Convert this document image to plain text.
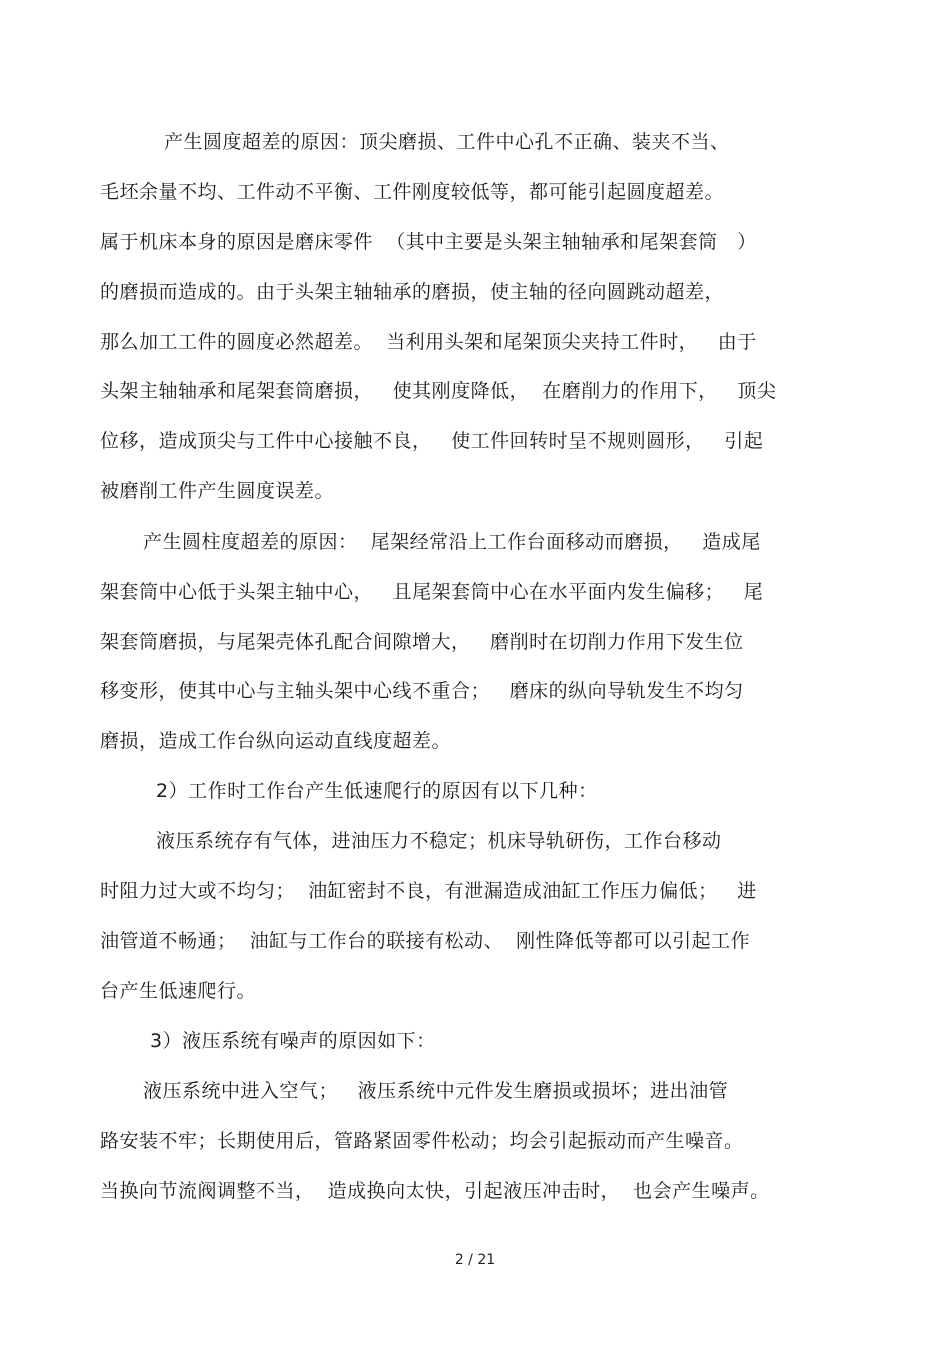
产生圆度超差的原因：顶尖磨损、工件中心孔不正确、装夹不当、
毛坯余量不均、工件动不平衡、工件刚度较低等，都可能引起圆度超差。
属于机床本身的原因是磨床零件  （其中主要是头架主轴轴承和尾架套筒   ）
的磨损而造成的。由于头架主轴轴承的磨损，使主轴的径向圆跳动超差，
那么加工工件的圆度必然超差。  当利用头架和尾架顶尖夹持工件时，   由于
头架主轴轴承和尾架套筒磨损，   使其刚度降低，  在磨削力的作用下，   顶尖
位移，造成顶尖与工件中心接触不良，   使工件回转时呈不规则圆形，   引起
被磨削工件产生圆度误差。
产生圆柱度超差的原因：  尾架经常沿上工作台面移动而磨损，   造成尾
架套筒中心低于头架主轴中心，   且尾架套筒中心在水平面内发生偏移；   尾
架套筒磨损，与尾架壳体孔配合间隙增大，   磨削时在切削力作用下发生位
移变形，使其中心与主轴头架中心线不重合；   磨床的纵向导轨发生不均匀
磨损，造成工作台纵向运动直线度超差。
2）工作时工作台产生低速爬行的原因有以下几种：
液压系统存有气体，进油压力不稳定；机床导轨研伤，工作台移动
时阻力过大或不均匀；  油缸密封不良，有泄漏造成油缸工作压力偏低；   进
油管道不畅通；  油缸与工作台的联接有松动、  刚性降低等都可以引起工作
台产生低速爬行。
3）液压系统有噪声的原因如下：
液压系统中进入空气；   液压系统中元件发生磨损或损坏；进出油管
路安装不牢；长期使用后，管路紧固零件松动；均会引起振动而产生噪音。
当换向节流阀调整不当，  造成换向太快，引起液压冲击时，  也会产生噪声。
2 / 21
